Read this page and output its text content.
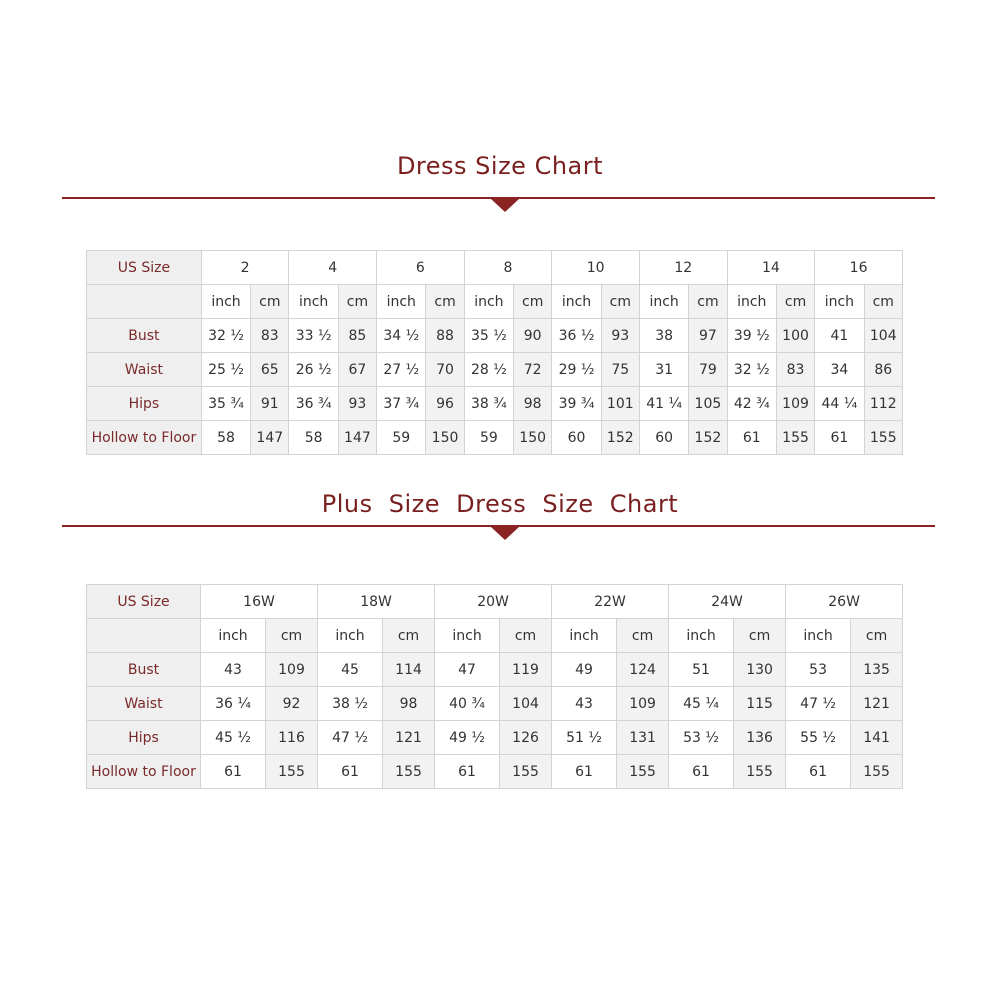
Dress Size Chart
US Size	2		4		6		8		10		12		14		16	
	inch	cm	inch	cm	inch	cm	inch	cm	inch	cm	inch	cm	inch	cm	inch	cm
Bust	32 ½	83	33 ½	85	34 ½	88	35 ½	90	36 ½	93	38	97	39 ½	100	41	104
Waist	25 ½	65	26 ½	67	27 ½	70	28 ½	72	29 ½	75	31	79	32 ½	83	34	86
Hips	35 ¾	91	36 ¾	93	37 ¾	96	38 ¾	98	39 ¾	101	41 ¼	105	42 ¾	109	44 ¼	112
Hollow to Floor	58	147	58	147	59	150	59	150	60	152	60	152	61	155	61	155
Plus Size Dress Size Chart
US Size	16W		18W		20W		22W		24W		26W	
	inch	cm	inch	cm	inch	cm	inch	cm	inch	cm	inch	cm
Bust	43	109	45	114	47	119	49	124	51	130	53	135
Waist	36 ¼	92	38 ½	98	40 ¾	104	43	109	45 ¼	115	47 ½	121
Hips	45 ½	116	47 ½	121	49 ½	126	51 ½	131	53 ½	136	55 ½	141
Hollow to Floor	61	155	61	155	61	155	61	155	61	155	61	155
